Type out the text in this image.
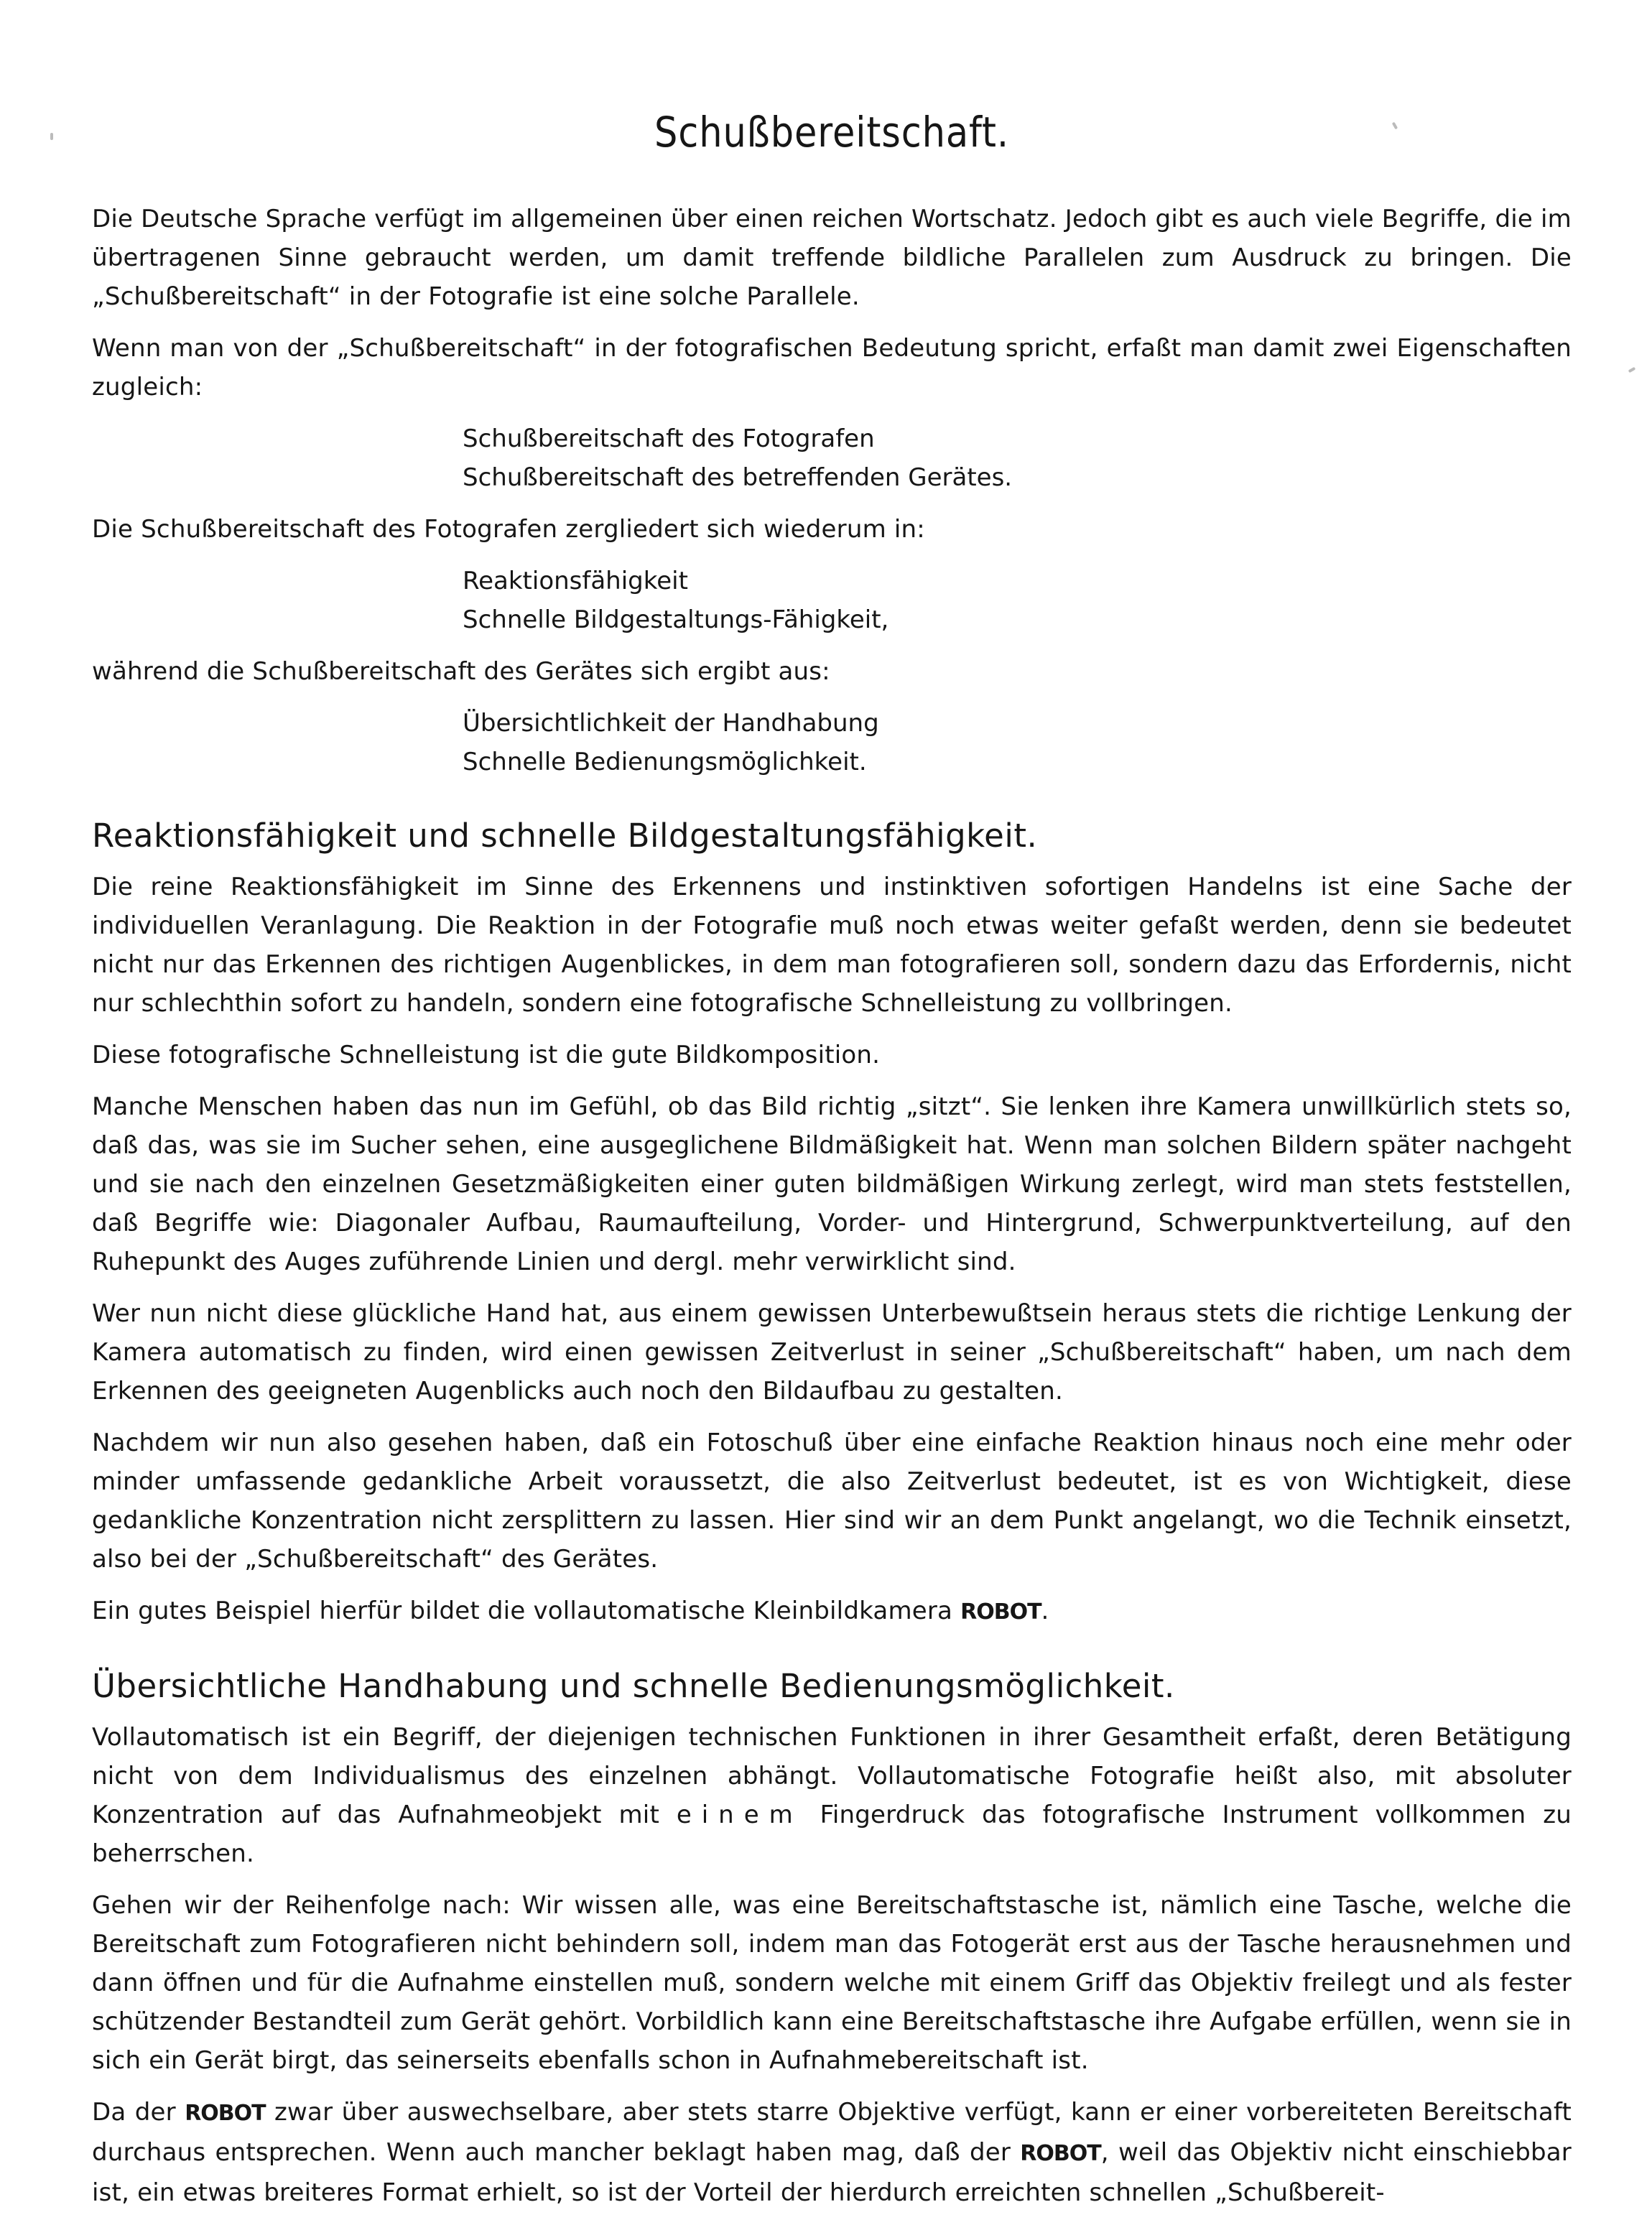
Schußbereitschaft.

Die Deutsche Sprache verfügt im allgemeinen über einen reichen Wortschatz. Jedoch gibt es auch viele Begriffe, die im übertragenen Sinne gebraucht werden, um damit treffende bildliche Parallelen zum Ausdruck zu bringen. Die „Schußbereitschaft“ in der Fotografie ist eine solche Parallele.

Wenn man von der „Schußbereitschaft“ in der fotografischen Bedeutung spricht, erfaßt man damit zwei Eigenschaften zugleich:

Schußbereitschaft des Fotografen
Schußbereitschaft des betreffenden Gerätes.

Die Schußbereitschaft des Fotografen zergliedert sich wiederum in:

Reaktionsfähigkeit
Schnelle Bildgestaltungs-Fähigkeit,

während die Schußbereitschaft des Gerätes sich ergibt aus:

Übersichtlichkeit der Handhabung
Schnelle Bedienungsmöglichkeit.
Reaktionsfähigkeit und schnelle Bildgestaltungsfähigkeit.

Die reine Reaktionsfähigkeit im Sinne des Erkennens und instinktiven sofortigen Handelns ist eine Sache der individuellen Veranlagung. Die Reaktion in der Fotografie muß noch etwas weiter gefaßt werden, denn sie bedeutet nicht nur das Erkennen des richtigen Augenblickes, in dem man fotografieren soll, sondern dazu das Erfordernis, nicht nur schlechthin sofort zu handeln, sondern eine fotografische Schnelleistung zu vollbringen.

Diese fotografische Schnelleistung ist die gute Bildkomposition.

Manche Menschen haben das nun im Gefühl, ob das Bild richtig „sitzt“. Sie lenken ihre Kamera unwillkürlich stets so, daß das, was sie im Sucher sehen, eine ausgeglichene Bildmäßigkeit hat. Wenn man solchen Bildern später nachgeht und sie nach den einzelnen Gesetzmäßigkeiten einer guten bildmäßigen Wirkung zerlegt, wird man stets feststellen, daß Begriffe wie: Diagonaler Aufbau, Raumaufteilung, Vorder- und Hintergrund, Schwerpunktverteilung, auf den Ruhepunkt des Auges zuführende Linien und dergl. mehr verwirklicht sind.

Wer nun nicht diese glückliche Hand hat, aus einem gewissen Unterbewußtsein heraus stets die richtige Lenkung der Kamera automatisch zu finden, wird einen gewissen Zeitverlust in seiner „Schußbereitschaft“ haben, um nach dem Erkennen des geeigneten Augenblicks auch noch den Bildaufbau zu gestalten.

Nachdem wir nun also gesehen haben, daß ein Fotoschuß über eine einfache Reaktion hinaus noch eine mehr oder minder umfassende gedankliche Arbeit voraussetzt, die also Zeitverlust bedeutet, ist es von Wichtigkeit, diese gedankliche Konzentration nicht zersplittern zu lassen. Hier sind wir an dem Punkt angelangt, wo die Technik einsetzt, also bei der „Schußbereitschaft“ des Gerätes.

Ein gutes Beispiel hierfür bildet die vollautomatische Kleinbildkamera ROBOT.

Übersichtliche Handhabung und schnelle Bedienungsmöglichkeit.

Vollautomatisch ist ein Begriff, der diejenigen technischen Funktionen in ihrer Gesamtheit erfaßt, deren Betätigung nicht von dem Individualismus des einzelnen abhängt. Vollautomatische Fotografie heißt also, mit absoluter Konzentration auf das Aufnahmeobjekt mit einem Fingerdruck das fotografische Instrument vollkommen zu beherrschen.

Gehen wir der Reihenfolge nach: Wir wissen alle, was eine Bereitschaftstasche ist, nämlich eine Tasche, welche die Bereitschaft zum Fotografieren nicht behindern soll, indem man das Fotogerät erst aus der Tasche herausnehmen und dann öffnen und für die Aufnahme einstellen muß, sondern welche mit einem Griff das Objektiv freilegt und als fester schützender Bestandteil zum Gerät gehört. Vorbildlich kann eine Bereitschaftstasche ihre Aufgabe erfüllen, wenn sie in sich ein Gerät birgt, das seinerseits ebenfalls schon in Aufnahmebereitschaft ist.

Da der ROBOT zwar über auswechselbare, aber stets starre Objektive verfügt, kann er einer vorbereiteten Bereitschaft durchaus entsprechen. Wenn auch mancher beklagt haben mag, daß der ROBOT, weil das Objektiv nicht einschiebbar ist, ein etwas breiteres Format erhielt, so ist der Vorteil der hierdurch erreichten schnellen „Schußbereit-
